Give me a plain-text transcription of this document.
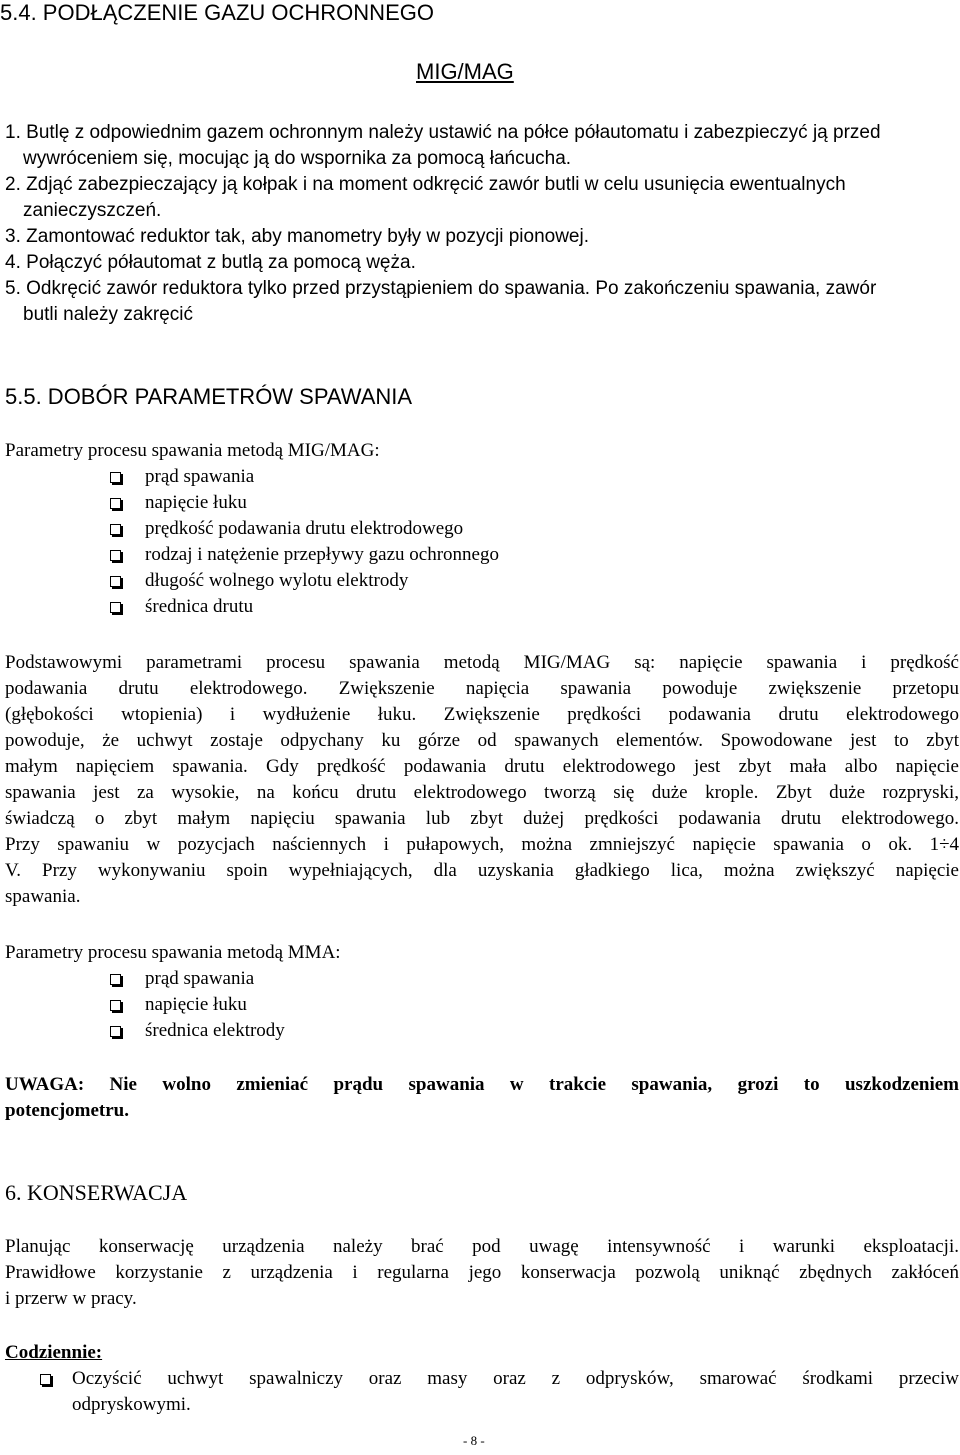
5.4. PODŁĄCZENIE GAZU OCHRONNEGO
MIG/MAG
1. Butlę z odpowiednim gazem ochronnym należy ustawić na półce półautomatu i zabezpieczyć ją przed
wywróceniem się, mocując ją do wspornika za pomocą łańcucha.
2. Zdjąć zabezpieczający ją kołpak i na moment odkręcić zawór butli w celu usunięcia ewentualnych
zanieczyszczeń.
3. Zamontować reduktor tak, aby manometry były w pozycji pionowej.
4. Połączyć półautomat z butlą za pomocą węża.
5. Odkręcić zawór reduktora tylko przed przystąpieniem do spawania. Po zakończeniu spawania, zawór
butli należy zakręcić
5.5. DOBÓR PARAMETRÓW SPAWANIA
Parametry procesu spawania metodą MIG/MAG:
prąd spawania
napięcie łuku
prędkość podawania drutu elektrodowego
rodzaj i natężenie przepływy gazu ochronnego
długość wolnego wylotu elektrody
średnica drutu
Podstawowymi parametrami procesu spawania metodą MIG/MAG są: napięcie spawania i prędkość
podawania drutu elektrodowego. Zwiększenie napięcia spawania powoduje zwiększenie przetopu
(głębokości wtopienia) i wydłużenie łuku. Zwiększenie prędkości podawania drutu elektrodowego
powoduje, że uchwyt zostaje odpychany ku górze od spawanych elementów. Spowodowane jest to zbyt
małym napięciem spawania. Gdy prędkość podawania drutu elektrodowego jest zbyt mała albo napięcie
spawania jest za wysokie, na końcu drutu elektrodowego tworzą się duże krople. Zbyt duże rozpryski,
świadczą o zbyt małym napięciu spawania lub zbyt dużej prędkości podawania drutu elektrodowego.
Przy spawaniu w pozycjach naściennych i pułapowych, można zmniejszyć napięcie spawania o ok. 1÷4
V. Przy wykonywaniu spoin wypełniających, dla uzyskania gładkiego lica, można zwiększyć napięcie
spawania.
Parametry procesu spawania metodą MMA:
prąd spawania
napięcie łuku
średnica elektrody
UWAGA: Nie wolno zmieniać prądu spawania w trakcie spawania, grozi to uszkodzeniem
potencjometru.
6. KONSERWACJA
Planując konserwację urządzenia należy brać pod uwagę intensywność i warunki eksploatacji.
Prawidłowe korzystanie z urządzenia i regularna jego konserwacja pozwolą uniknąć zbędnych zakłóceń
i przerw w pracy.
Codziennie:
Oczyścić uchwyt spawalniczy oraz masy oraz z odprysków, smarować środkami przeciw
odpryskowymi.
- 8 -
